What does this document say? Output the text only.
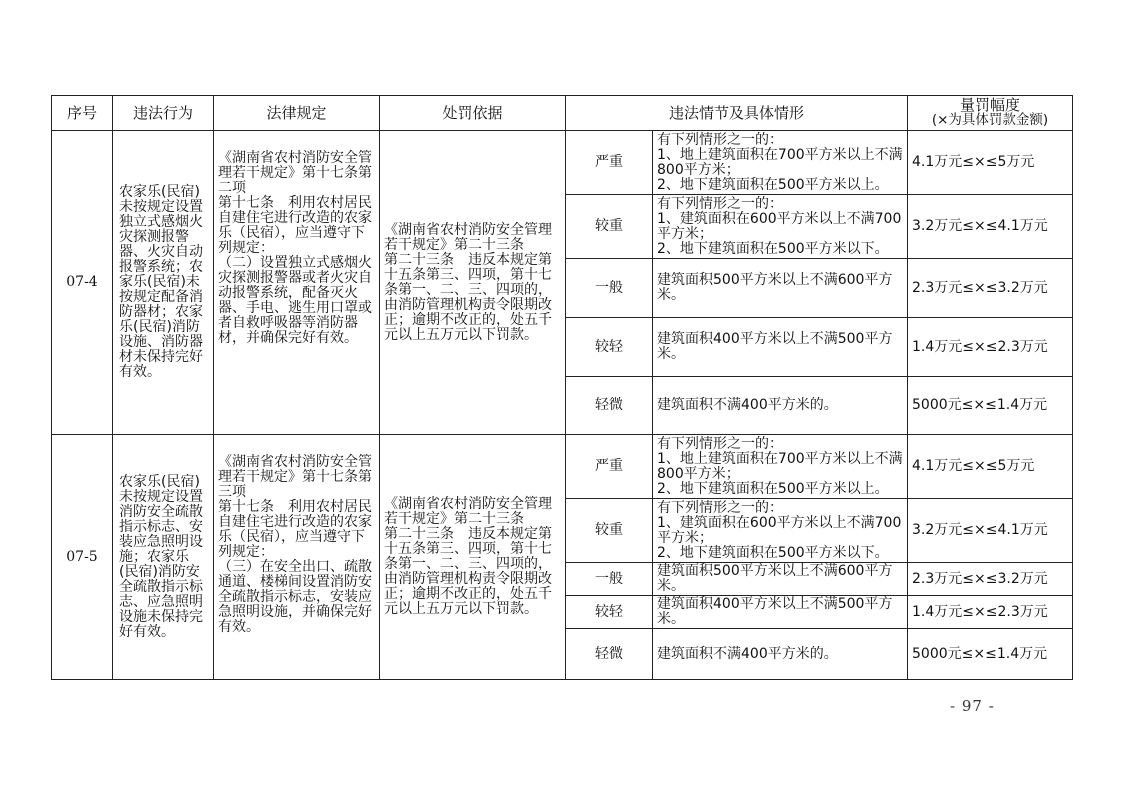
序号	违法行为	法律规定	处罚依据	违法情节及具体情形		量罚幅度
(×为具体罚款金额)

07-4	农家乐(民宿)未按规定设置独立式感烟火灾探测报警器、火灾自动报警系统；农家乐(民宿)未按规定配备消防器材；农家乐(民宿)消防设施、消防器材未保持完好有效。	《湖南省农村消防安全管理若干规定》第十七条第二项
第十七条　利用农村居民自建住宅进行改造的农家乐（民宿），应当遵守下列规定：
（二）设置独立式感烟火灾探测报警器或者火灾自动报警系统，配备灭火器、手电、逃生用口罩或者自救呼吸器等消防器材，并确保完好有效。	《湖南省农村消防安全管理若干规定》第二十三条
第二十三条　违反本规定第十五条第三、四项，第十七条第一、二、三、四项的，由消防管理机构责令限期改正；逾期不改正的，处五千元以上五万元以下罚款。	严重	有下列情形之一的：
1、地上建筑面积在700平方米以上不满800平方米；
2、地下建筑面积在500平方米以上。	4.1万元≤×≤5万元
				较重	有下列情形之一的：
1、建筑面积在600平方米以上不满700平方米；
2、地下建筑面积在500平方米以下。	3.2万元≤×≤4.1万元
				一般	建筑面积500平方米以上不满600平方米。	2.3万元≤×≤3.2万元
				较轻	建筑面积400平方米以上不满500平方米。	1.4万元≤×≤2.3万元
				轻微	建筑面积不满400平方米的。	5000元≤×≤1.4万元
07-5	农家乐(民宿)未按规定设置消防安全疏散指示标志、安装应急照明设施；农家乐(民宿)消防安全疏散指示标志、应急照明设施未保持完好有效。	《湖南省农村消防安全管理若干规定》第十七条第三项
第十七条　利用农村居民自建住宅进行改造的农家乐（民宿），应当遵守下列规定：
（三）在安全出口、疏散通道、楼梯间设置消防安全疏散指示标志，安装应急照明设施，并确保完好有效。	《湖南省农村消防安全管理若干规定》第二十三条
第二十三条　违反本规定第十五条第三、四项，第十七条第一、二、三、四项的，由消防管理机构责令限期改正；逾期不改正的，处五千元以上五万元以下罚款。	严重	有下列情形之一的：
1、地上建筑面积在700平方米以上不满800平方米；
2、地下建筑面积在500平方米以上。	4.1万元≤×≤5万元
				较重	有下列情形之一的：
1、建筑面积在600平方米以上不满700平方米；
2、地下建筑面积在500平方米以下。	3.2万元≤×≤4.1万元
				一般	建筑面积500平方米以上不满600平方米。	2.3万元≤×≤3.2万元
				较轻	建筑面积400平方米以上不满500平方米。	1.4万元≤×≤2.3万元
				轻微	建筑面积不满400平方米的。	5000元≤×≤1.4万元
- 97 -
